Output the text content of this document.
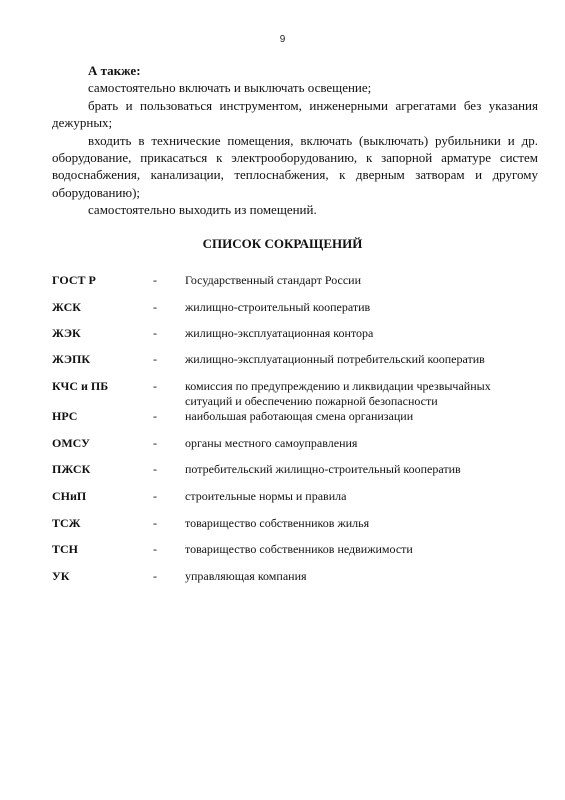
9

А также:

самостоятельно включать и выключать освещение;

брать и пользоваться инструментом, инженерными агрегатами без указания дежурных;

входить в технические помещения, включать (выключать) рубильники и др. оборудование, прикасаться к электрооборудованию, к запорной арматуре систем водоснабжения, канализации, теплоснабжения, к дверным затворам и другому оборудованию);

самостоятельно выходить из помещений.

СПИСОК СОКРАЩЕНИЙ
ГОСТ Р	- Государственный стандарт России
ЖСК	- жилищно-строительный кооператив
ЖЭК	- жилищно-эксплуатационная контора
ЖЭПК	- жилищно-эксплуатационный потребительский кооператив
КЧС и ПБ	- комиссия по предупреждению и ликвидации чрезвычайных ситуаций и обеспечению пожарной безопасности
НРС	- наибольшая работающая смена организации
ОМСУ	- органы местного самоуправления
ПЖСК	- потребительский жилищно-строительный кооператив
СНиП	- строительные нормы и правила
ТСЖ	- товарищество собственников жилья
ТСН	- товарищество собственников недвижимости
УК	- управляющая компания
